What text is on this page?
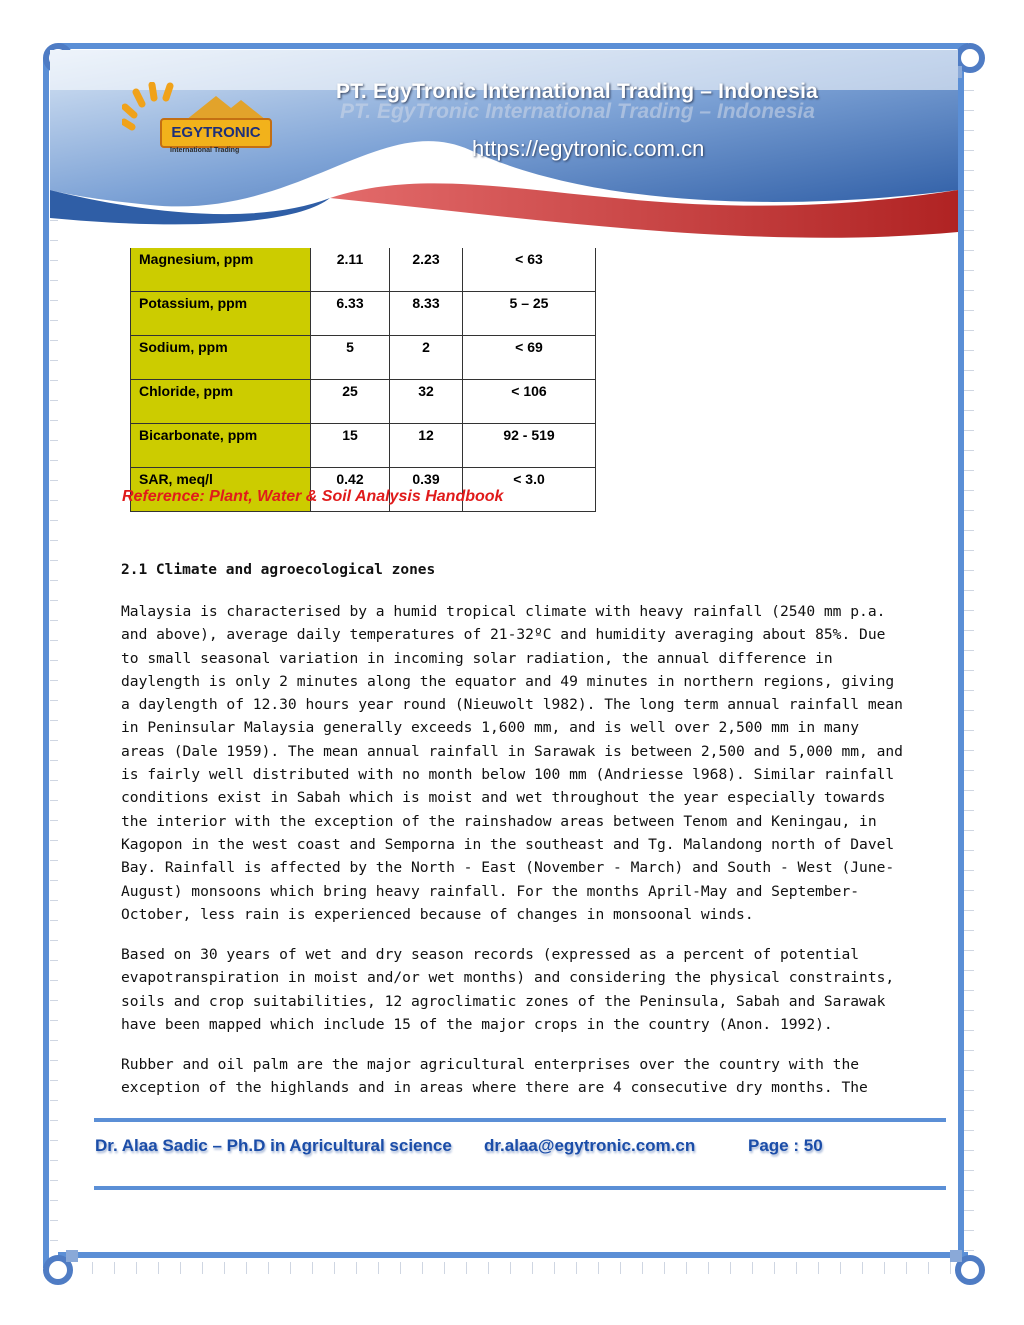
EGYTRONIC
International Trading
PT. EgyTronic International Trading – Indonesia
PT. EgyTronic International Trading – Indonesia
https://egytronic.com.cn
Magnesium, ppm	2.11	2.23	< 63
Potassium, ppm	6.33	8.33	5 – 25
Sodium, ppm	5	2	< 69
Chloride, ppm	25	32	< 106
Bicarbonate, ppm	15	12	92 - 519
SAR, meq/l	0.42	0.39	< 3.0
Reference: Plant, Water & Soil Analysis Handbook
2.1 Climate and agroecological zones
Malaysia is characterised by a humid tropical climate with heavy rainfall (2540 mm p.a. and above), average daily temperatures of 21-32ºC and humidity averaging about 85%. Due to small seasonal variation in incoming solar radiation, the annual difference in daylength is only 2 minutes along the equator and 49 minutes in northern regions, giving a daylength of 12.30 hours year round (Nieuwolt l982). The long term annual rainfall mean in Peninsular Malaysia generally exceeds 1,600 mm, and is well over 2,500 mm in many areas (Dale 1959). The mean annual rainfall in Sarawak is between 2,500 and 5,000 mm, and is fairly well distributed with no month below 100 mm (Andriesse l968). Similar rainfall conditions exist in Sabah which is moist and wet throughout the year especially towards the interior with the exception of the rainshadow areas between Tenom and Keningau, in Kagopon in the west coast and Semporna in the southeast and Tg. Malandong north of Davel Bay. Rainfall is affected by the North - East (November - March) and South - West (June-August) monsoons which bring heavy rainfall. For the months April-May and September-October, less rain is experienced because of changes in monsoonal winds.
Based on 30 years of wet and dry season records (expressed as a percent of potential evapotranspiration in moist and/or wet months) and considering the physical constraints, soils and crop suitabilities, 12 agroclimatic zones of the Peninsula, Sabah and Sarawak have been mapped which include 15 of the major crops in the country (Anon. 1992).
Rubber and oil palm are the major agricultural enterprises over the country with the exception of the highlands and in areas where there are 4 consecutive dry months. The
Dr. Alaa Sadic – Ph.D in Agricultural science dr.alaa@egytronic.com.cn	Page : 50
